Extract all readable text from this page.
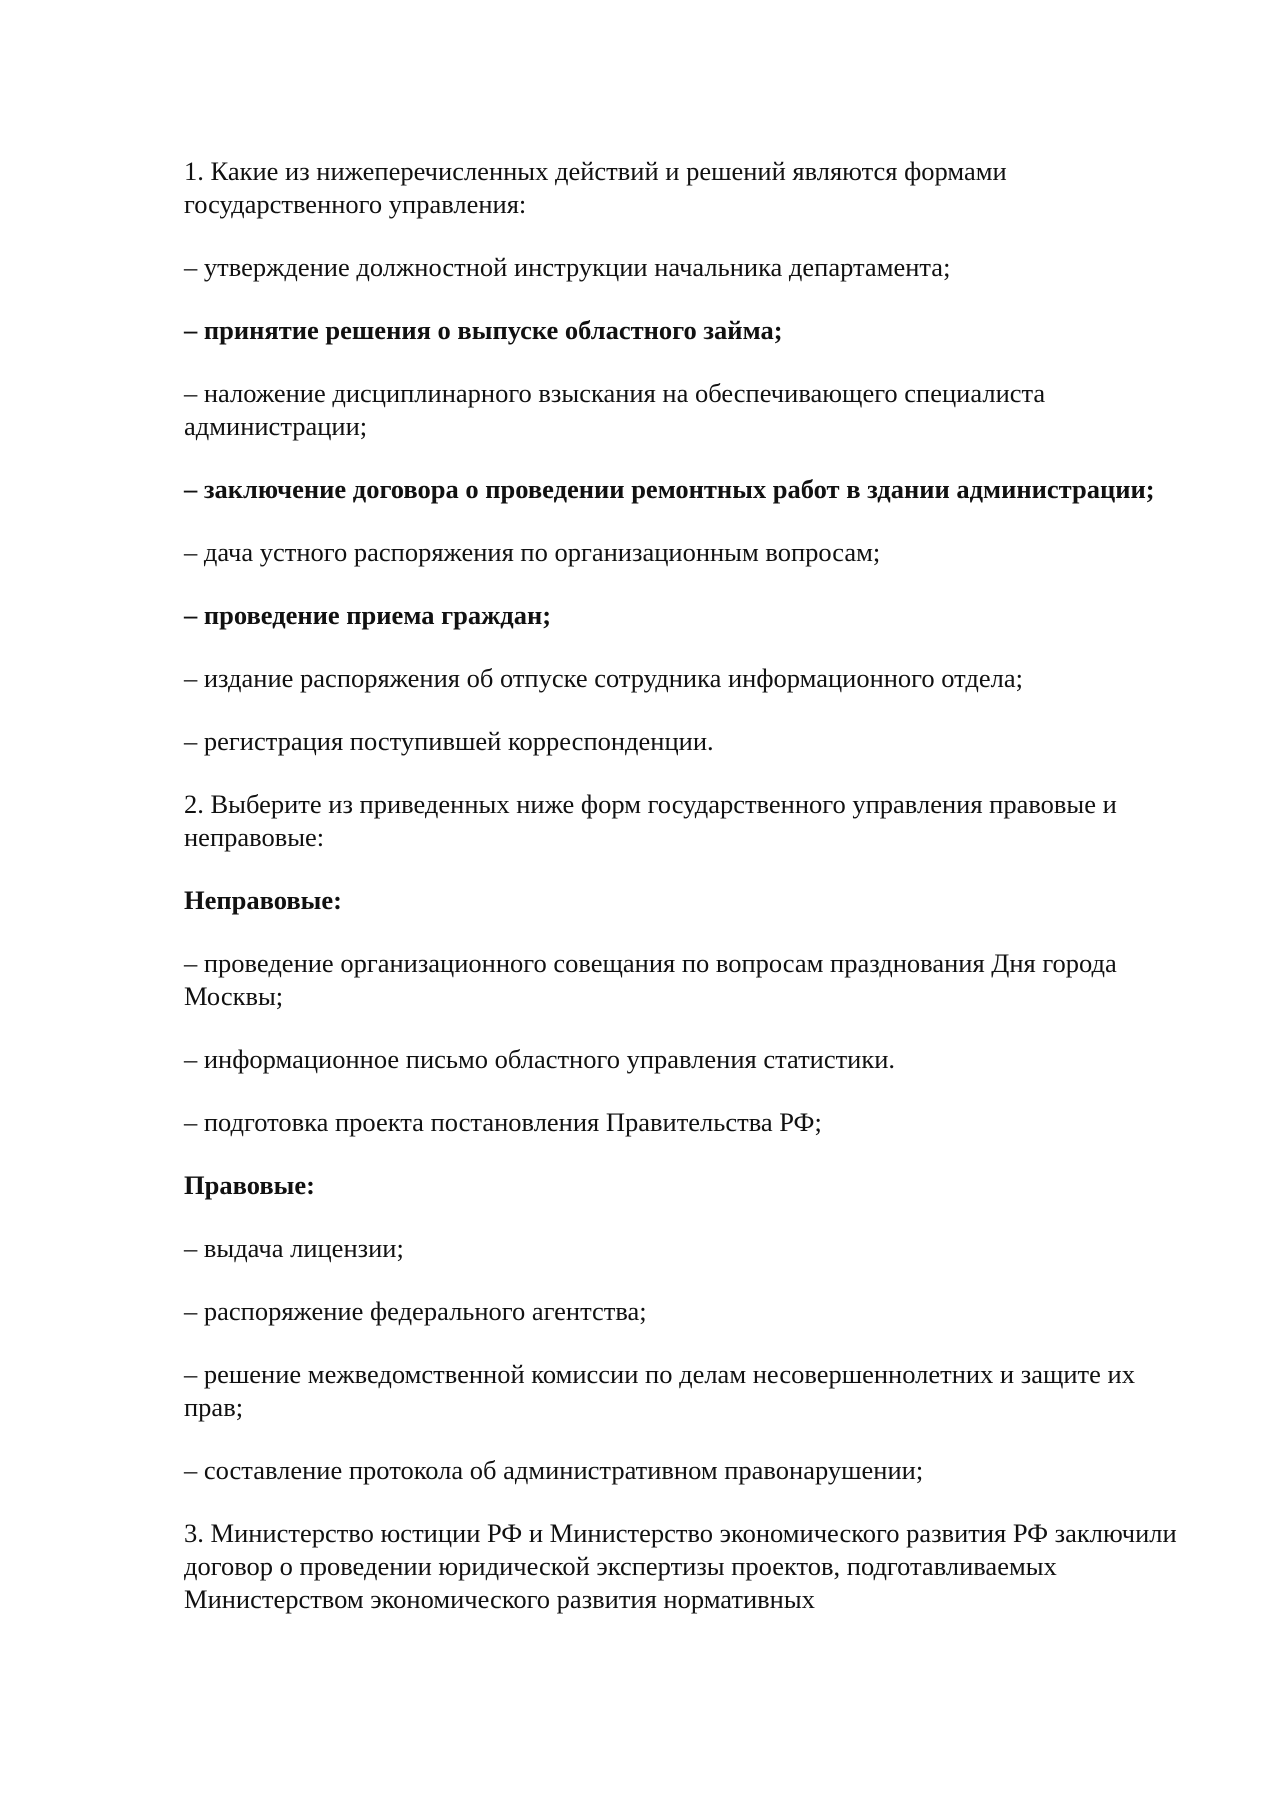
1. Какие из нижеперечисленных действий и решений являются формами государственного управления:

– утверждение должностной инструкции начальника департамента;

– принятие решения о выпуске областного займа;

– наложение дисциплинарного взыскания на обеспечивающего специалиста администрации;

– заключение договора о проведении ремонтных работ в здании администрации;

– дача устного распоряжения по организационным вопросам;

– проведение приема граждан;

– издание распоряжения об отпуске сотрудника информационного отдела;

– регистрация поступившей корреспонденции.

2. Выберите из приведенных ниже форм государственного управления правовые и неправовые:

Неправовые:

– проведение организационного совещания по вопросам празднования Дня города Москвы;

– информационное письмо областного управления статистики.

– подготовка проекта постановления Правительства РФ;

Правовые:

– выдача лицензии;

– распоряжение федерального агентства;

– решение межведомственной комиссии по делам несовершеннолетних и защите их прав;

– составление протокола об административном правонарушении;

3. Министерство юстиции РФ и Министерство экономического развития РФ заключили договор о проведении юридической экспертизы проектов, подготавливаемых Министерством экономического развития нормативных
